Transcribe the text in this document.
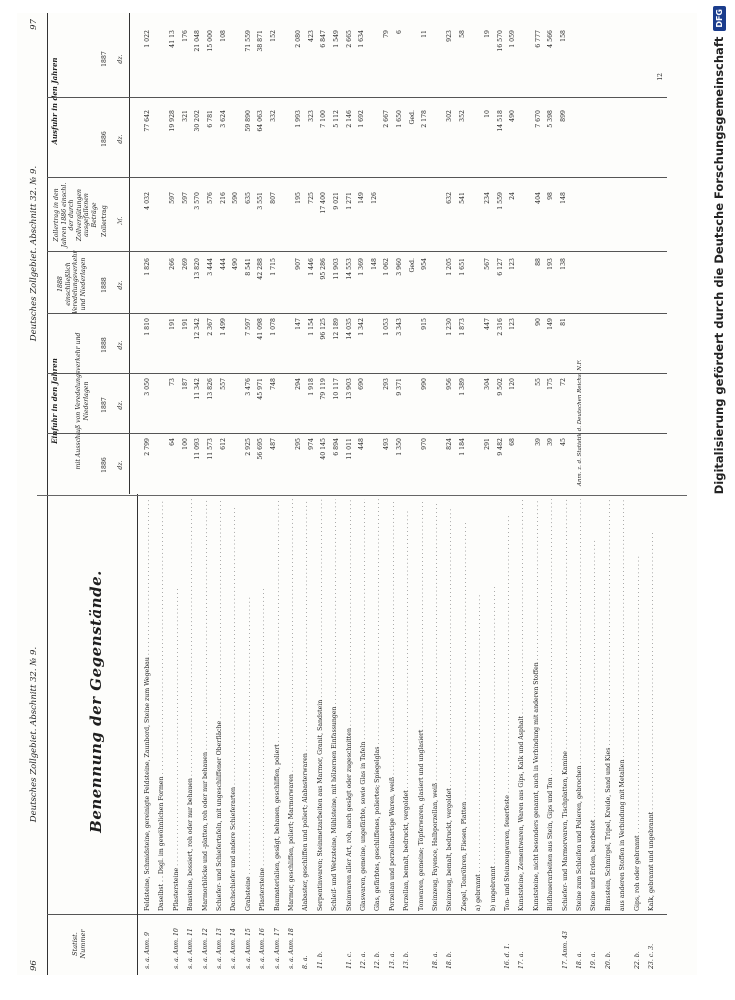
96
Deutsches Zollgebiet. Abschnitt 32. № 9.
Statist. Nummer
Benennung der Gegenstände.
s. a. Anm. 9
Feldsteine, Schmidsteine, gereinigte Feldsteine, Zaunbord, Steine zum Wegebau . . . Daselbst . . Dsgl. im gewöhnlichen Formen . . .
s. a. Anm. 10
Pflastersteine . . .
s. a. Anm. 11
Bausteine, bossiert, roh oder nur behauen . . .
s. a. Anm. 12
Marmorblöcke und -platten, roh oder nur behauen . . .
s. a. Anm. 13
Schiefer- und Schiefertafeln, mit ungeschliffener Oberfläche . . .
s. a. Anm. 14
Dachschiefer und andere Schieferarten . . .
s. a. Anm. 15
Grabsteine . . .
s. a. Anm. 16
Pflastersteine . . .
s. a. Anm. 17
Baumaterialien, gesägt, behauen, geschliffen, poliert . . .
s. a. Anm. 18
Marmor, geschliffen, poliert; Marmorwaren . . .
8. a.
Alabaster, geschliffen und poliert; Alabasterwaren . . .
11. b.
Serpentinwaren; Steinmetzarbeiten aus Marmor, Granit, Sandstein . . . Schleif- und Wetzsteine, Mühlsteine, mit hölzernen Einfassungen . . .
11. c.
Steinwaren aller Art, roh, auch gesägt oder zugeschnitten . . .
12. a.
Glaswaren, gemeine, ungefärbte, sowie Glas in Tafeln . . .
12. b.
Glas, gefärbtes, geschliffenes, poliertes; Spiegelglas . . .
13. a.
Porzellan und porzellanartige Waren, weiß . . .
13. b.
Porzellan, bemalt, bedruckt, vergoldet . . . Tonwaren, gemeine; Töpferwaren, glasiert und unglasiert . . .
18. a.
Steinzeug, Fayence, Halbporzellan, weiß . . .
18. b.
Steinzeug, bemalt, bedruckt, vergoldet . . . Ziegel, Tonröhren, Fliesen, Platten . . . a) gebrannt . . . b) ungebrannt . . .
16. d. 1.
Ton- und Steinzeugwaren, feuerfeste . . .
17. a.
Kunststeine, Zementwaren, Waren aus Gips, Kalk und Asphalt . . . Kunststeine, nicht besonders genannt, auch in Verbindung mit anderen Stoffen . . . Bildhauerarbeiten aus Stein, Gips und Ton . . .
17. Anm. 43
Schiefer- und Marmorwaren, Tischplatten, Kamine . . .
18. a.
Steine zum Schleifen und Polieren, gebrochen . . .
19. a.
Steine und Erden, bearbeitet . . .
20. b.
Bimsstein, Schmirgel, Tripel, Kreide, Sand und Kies . . . aus anderen Stoffen in Verbindung mit Metallen . . .
22. b.
Gips, roh oder gebrannt . . .
23. c. 3.
Kalk, gebrannt und ungebrannt . . .
Deutsches Zollgebiet. Abschnitt 32. № 9.
97
Einfuhr in den Jahren	mit Ausschluß von Veredelungsverkehr und Niederlagen
1888 einschließlich Veredelungsverkehr und Niederlagen
Zollertrag in den Jahren 1886 einschl. der durch Zollvergütungen ausgefallenen Beträge
Ausfuhr in den Jahren
1886 dz.
1887 dz.
1888 dz.
1888 dz.
Zollertrag ℳ.
1886 dz.
1887 dz.
2 799
3 050
1 810
1 826
4 032
77 642
1 022
64
73
191
266
597
19 928
41 13
100
187
191
269
597
321
176
11 093
11 342
12 342
13 820
3 570
30 202
21 048
11 573
13 826
2 367
3 444
576
6 781
15 000
612
557
1 499
444
216
3 624
108
490
590
2 925
3 476
7 597
8 541
635
59 890
71 559
56 695
45 971
41 098
42 288
3 551
64 063
38 871
487
748
1 078
1 715
807
332
152
295
294
147
907
195
1 993
2 080
974
1 918
1 154
1 446
725
323
423
40 145
79 119
96 125
95 286
17 400
7 100
6 847
6 894
10 117
12 189
11 903
9 021
5 112
1 549
11 011
13 903
14 035
14 553
1 271
2 146
2 665
448
690
1 342
1 369
149
1 692
1 634
148
126
493
293
1 053
1 062
2 667
79
1 350
9 371
3 343
3 960
1 650
6
Ged.
Ged.
970
990
915
954
2 178
11
824
956
1 230
1 205
632
302
923
1 184
1 389
1 873
1 651
541
352
58
291
304
447
567
234
10
19
9 482
9 502
2 316
6 127
1 559
14 518
16 570
68
120
123
123
24
490
1 059
39
55
90
88
404
7 670
6 777
39
175
149
193
98
5 398
4 566
45
72
81
138
148
899
158
Anm. z. d. Statistik d. Deutschen Reichs. N.F.
12	Digitalisierung gefördert durch die Deutsche Forschungsgemeinschaft
DFG
